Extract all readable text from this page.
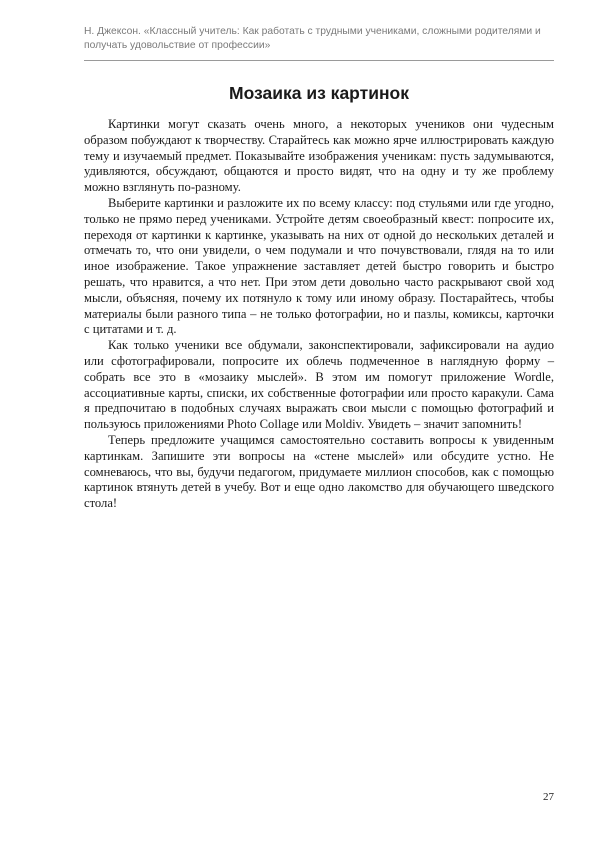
Н. Джексон. «Классный учитель: Как работать с трудными учениками, сложными родителями и получать удовольствие от профессии»

Мозаика из картинок

Картинки могут сказать очень много, а некоторых учеников они чудесным образом побуждают к творчеству. Старайтесь как можно ярче иллюстрировать каждую тему и изучаемый предмет. Показывайте изображения ученикам: пусть задумываются, удивляются, обсуждают, общаются и просто видят, что на одну и ту же проблему можно взглянуть по-разному.

Выберите картинки и разложите их по всему классу: под стульями или где угодно, только не прямо перед учениками. Устройте детям своеобразный квест: попросите их, переходя от картинки к картинке, указывать на них от одной до нескольких деталей и отмечать то, что они увидели, о чем подумали и что почувствовали, глядя на то или иное изображение. Такое упражнение заставляет детей быстро говорить и быстро решать, что нравится, а что нет. При этом дети довольно часто раскрывают свой ход мысли, объясняя, почему их потянуло к тому или иному образу. Постарайтесь, чтобы материалы были разного типа – не только фотографии, но и пазлы, комиксы, карточки с цитатами и т. д.

Как только ученики все обдумали, законспектировали, зафиксировали на аудио или сфотографировали, попросите их облечь подмеченное в наглядную форму – собрать все это в «мозаику мыслей». В этом им помогут приложение Wordle, ассоциативные карты, списки, их собственные фотографии или просто каракули. Сама я предпочитаю в подобных случаях выражать свои мысли с помощью фотографий и пользуюсь приложениями Photo Collage или Moldiv. Увидеть – значит запомнить!

Теперь предложите учащимся самостоятельно составить вопросы к увиденным картинкам. Запишите эти вопросы на «стене мыслей» или обсудите устно. Не сомневаюсь, что вы, будучи педагогом, придумаете миллион способов, как с помощью картинок втянуть детей в учебу. Вот и еще одно лакомство для обучающего шведского стола!

27
